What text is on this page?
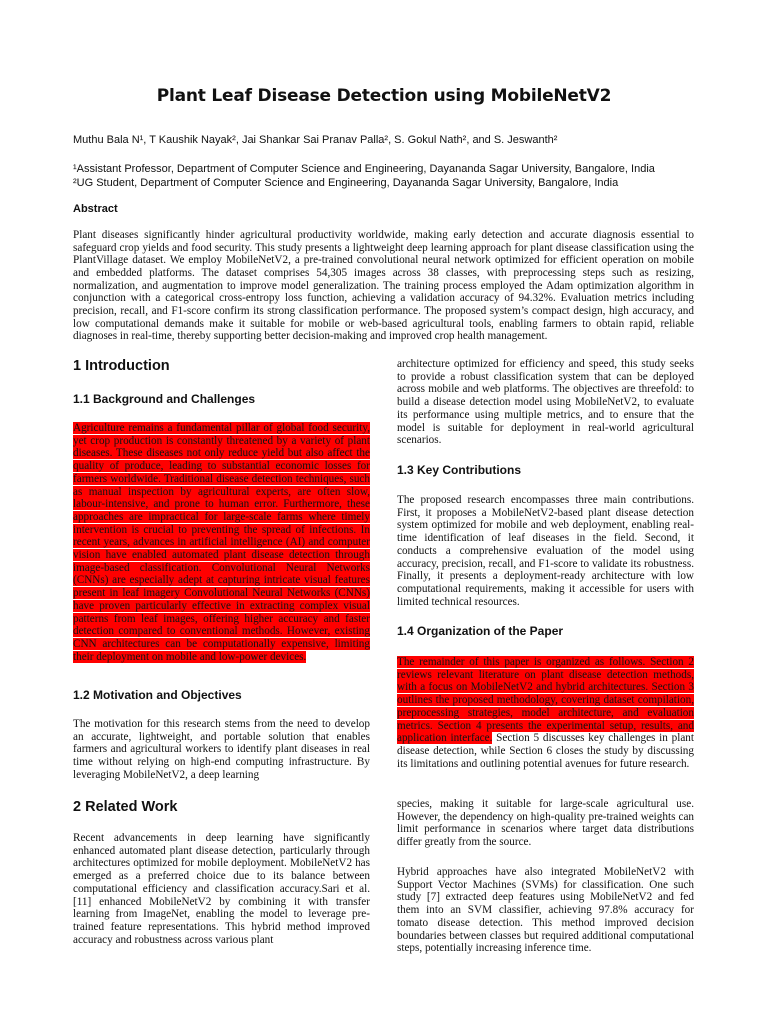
Plant Leaf Disease Detection using MobileNetV2
Muthu Bala N¹, T Kaushik Nayak², Jai Shankar Sai Pranav Palla², S. Gokul Nath², and S. Jeswanth²
¹Assistant Professor, Department of Computer Science and Engineering, Dayananda Sagar University, Bangalore, India
²UG Student, Department of Computer Science and Engineering, Dayananda Sagar University, Bangalore, India
Abstract
Plant diseases significantly hinder agricultural productivity worldwide, making early detection and accurate diagnosis essential to safeguard crop yields and food security. This study presents a lightweight deep learning approach for plant disease classification using the PlantVillage dataset. We employ MobileNetV2, a pre-trained convolutional neural network optimized for efficient operation on mobile and embedded platforms. The dataset comprises 54,305 images across 38 classes, with preprocessing steps such as resizing, normalization, and augmentation to improve model generalization. The training process employed the Adam optimization algorithm in conjunction with a categorical cross-entropy loss function, achieving a validation accuracy of 94.32%. Evaluation metrics including precision, recall, and F1-score confirm its strong classification performance. The proposed system’s compact design, high accuracy, and low computational demands make it suitable for mobile or web-based agricultural tools, enabling farmers to obtain rapid, reliable diagnoses in real-time, thereby supporting better decision-making and improved crop health management.
1 Introduction
1.1 Background and Challenges
Agriculture remains a fundamental pillar of global food security, yet crop production is constantly threatened by a variety of plant diseases. These diseases not only reduce yield but also affect the quality of produce, leading to substantial economic losses for farmers worldwide. Traditional disease detection techniques, such as manual inspection by agricultural experts, are often slow, labour-intensive, and prone to human error. Furthermore, these approaches are impractical for large-scale farms where timely intervention is crucial to preventing the spread of infections. In recent years, advances in artificial intelligence (AI) and computer vision have enabled automated plant disease detection through image-based classification. Convolutional Neural Networks (CNNs) are especially adept at capturing intricate visual features present in leaf imagery Convolutional Neural Networks (CNNs) have proven particularly effective in extracting complex visual patterns from leaf images, offering higher accuracy and faster detection compared to conventional methods. However, existing CNN architectures can be computationally expensive, limiting their deployment on mobile and low-power devices.
1.2 Motivation and Objectives
The motivation for this research stems from the need to develop an accurate, lightweight, and portable solution that enables farmers and agricultural workers to identify plant diseases in real time without relying on high-end computing infrastructure. By leveraging MobileNetV2, a deep learning
2 Related Work
Recent advancements in deep learning have significantly enhanced automated plant disease detection, particularly through architectures optimized for mobile deployment. MobileNetV2 has emerged as a preferred choice due to its balance between computational efficiency and classification accuracy.Sari et al. [11] enhanced MobileNetV2 by combining it with transfer learning from ImageNet, enabling the model to leverage pre-trained feature representations. This hybrid method improved accuracy and robustness across various plant
architecture optimized for efficiency and speed, this study seeks to provide a robust classification system that can be deployed across mobile and web platforms. The objectives are threefold: to build a disease detection model using MobileNetV2, to evaluate its performance using multiple metrics, and to ensure that the model is suitable for deployment in real-world agricultural scenarios.
1.3 Key Contributions
The proposed research encompasses three main contributions. First, it proposes a MobileNetV2-based plant disease detection system optimized for mobile and web deployment, enabling real-time identification of leaf diseases in the field. Second, it conducts a comprehensive evaluation of the model using accuracy, precision, recall, and F1-score to validate its robustness. Finally, it presents a deployment-ready architecture with low computational requirements, making it accessible for users with limited technical resources.
1.4 Organization of the Paper
The remainder of this paper is organized as follows. Section 2 reviews relevant literature on plant disease detection methods, with a focus on MobileNetV2 and hybrid architectures. Section 3 outlines the proposed methodology, covering dataset compilation, preprocessing strategies, model architecture, and evaluation metrics. Section 4 presents the experimental setup, results, and application interface. Section 5 discusses key challenges in plant disease detection, while Section 6 closes the study by discussing its limitations and outlining potential avenues for future research.
species, making it suitable for large-scale agricultural use. However, the dependency on high-quality pre-trained weights can limit performance in scenarios where target data distributions differ greatly from the source.
Hybrid approaches have also integrated MobileNetV2 with Support Vector Machines (SVMs) for classification. One such study [7] extracted deep features using MobileNetV2 and fed them into an SVM classifier, achieving 97.8% accuracy for tomato disease detection. This method improved decision boundaries between classes but required additional computational steps, potentially increasing inference time.
